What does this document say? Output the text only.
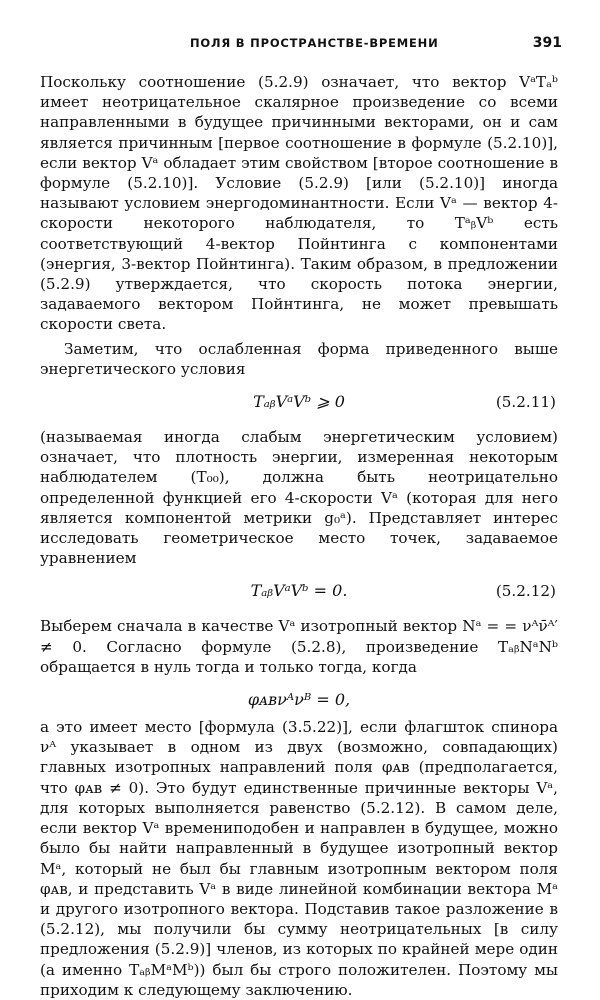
ПОЛЯ В ПРОСТРАНСТВЕ-ВРЕМЕНИ	391

Поскольку соотношение (5.2.9) означает, что вектор VᵃTₐᵇ имеет неотрицательное скалярное произведение со всеми направленными в будущее причинными векторами, он и сам является причинным [первое соотношение в формуле (5.2.10)], если вектор Vᵃ обладает этим свойством [второе соотношение в формуле (5.2.10)]. Условие (5.2.9) [или (5.2.10)] иногда называют условием энергодоминантности. Если Vᵃ — вектор 4-скорости некоторого наблюдателя, то TᵃᵦVᵇ есть соответствующий 4-вектор Пойнтинга с компонентами (энергия, 3-вектор Пойнтинга). Таким образом, в предложении (5.2.9) утверждается, что скорость потока энергии, задаваемого вектором Пойнтинга, не может превышать скорости света.

Заметим, что ослабленная форма приведенного выше энергетического условия

TₐᵦVᵃVᵇ ⩾ 0	(5.2.11)

(называемая иногда слабым энергетическим условием) означает, что плотность энергии, измеренная некоторым наблюдателем (T₀₀), должна быть неотрицательно определенной функцией его 4-скорости Vᵃ (которая для него является компонентой метрики g₀ᵃ). Представляет интерес исследовать геометрическое место точек, задаваемое уравнением

TₐᵦVᵃVᵇ = 0.	(5.2.12)

Выберем сначала в качестве Vᵃ изотропный вектор Nᵃ = = νᴬν̄ᴬ′ ≠ 0. Согласно формуле (5.2.8), произведение TₐᵦNᵃNᵇ обращается в нуль тогда и только тогда, когда

φᴀʙνᴬνᴮ = 0,

а это имеет место [формула (3.5.22)], если флагшток спинора νᴬ указывает в одном из двух (возможно, совпадающих) главных изотропных направлений поля φᴀʙ (предполагается, что φᴀʙ ≠ 0). Это будут единственные причинные векторы Vᵃ, для которых выполняется равенство (5.2.12). В самом деле, если вектор Vᵃ времениподобен и направлен в будущее, можно было бы найти направленный в будущее изотропный вектор Mᵃ, который не был бы главным изотропным вектором поля φᴀʙ, и представить Vᵃ в виде линейной комбинации вектора Mᵃ и другого изотропного вектора. Подставив такое разложение в (5.2.12), мы получили бы сумму неотрицательных [в силу предложения (5.2.9)] членов, из которых по крайней мере один (а именно TₐᵦMᵃMᵇ)) был бы строго положителен. Поэтому мы приходим к следующему заключению.
